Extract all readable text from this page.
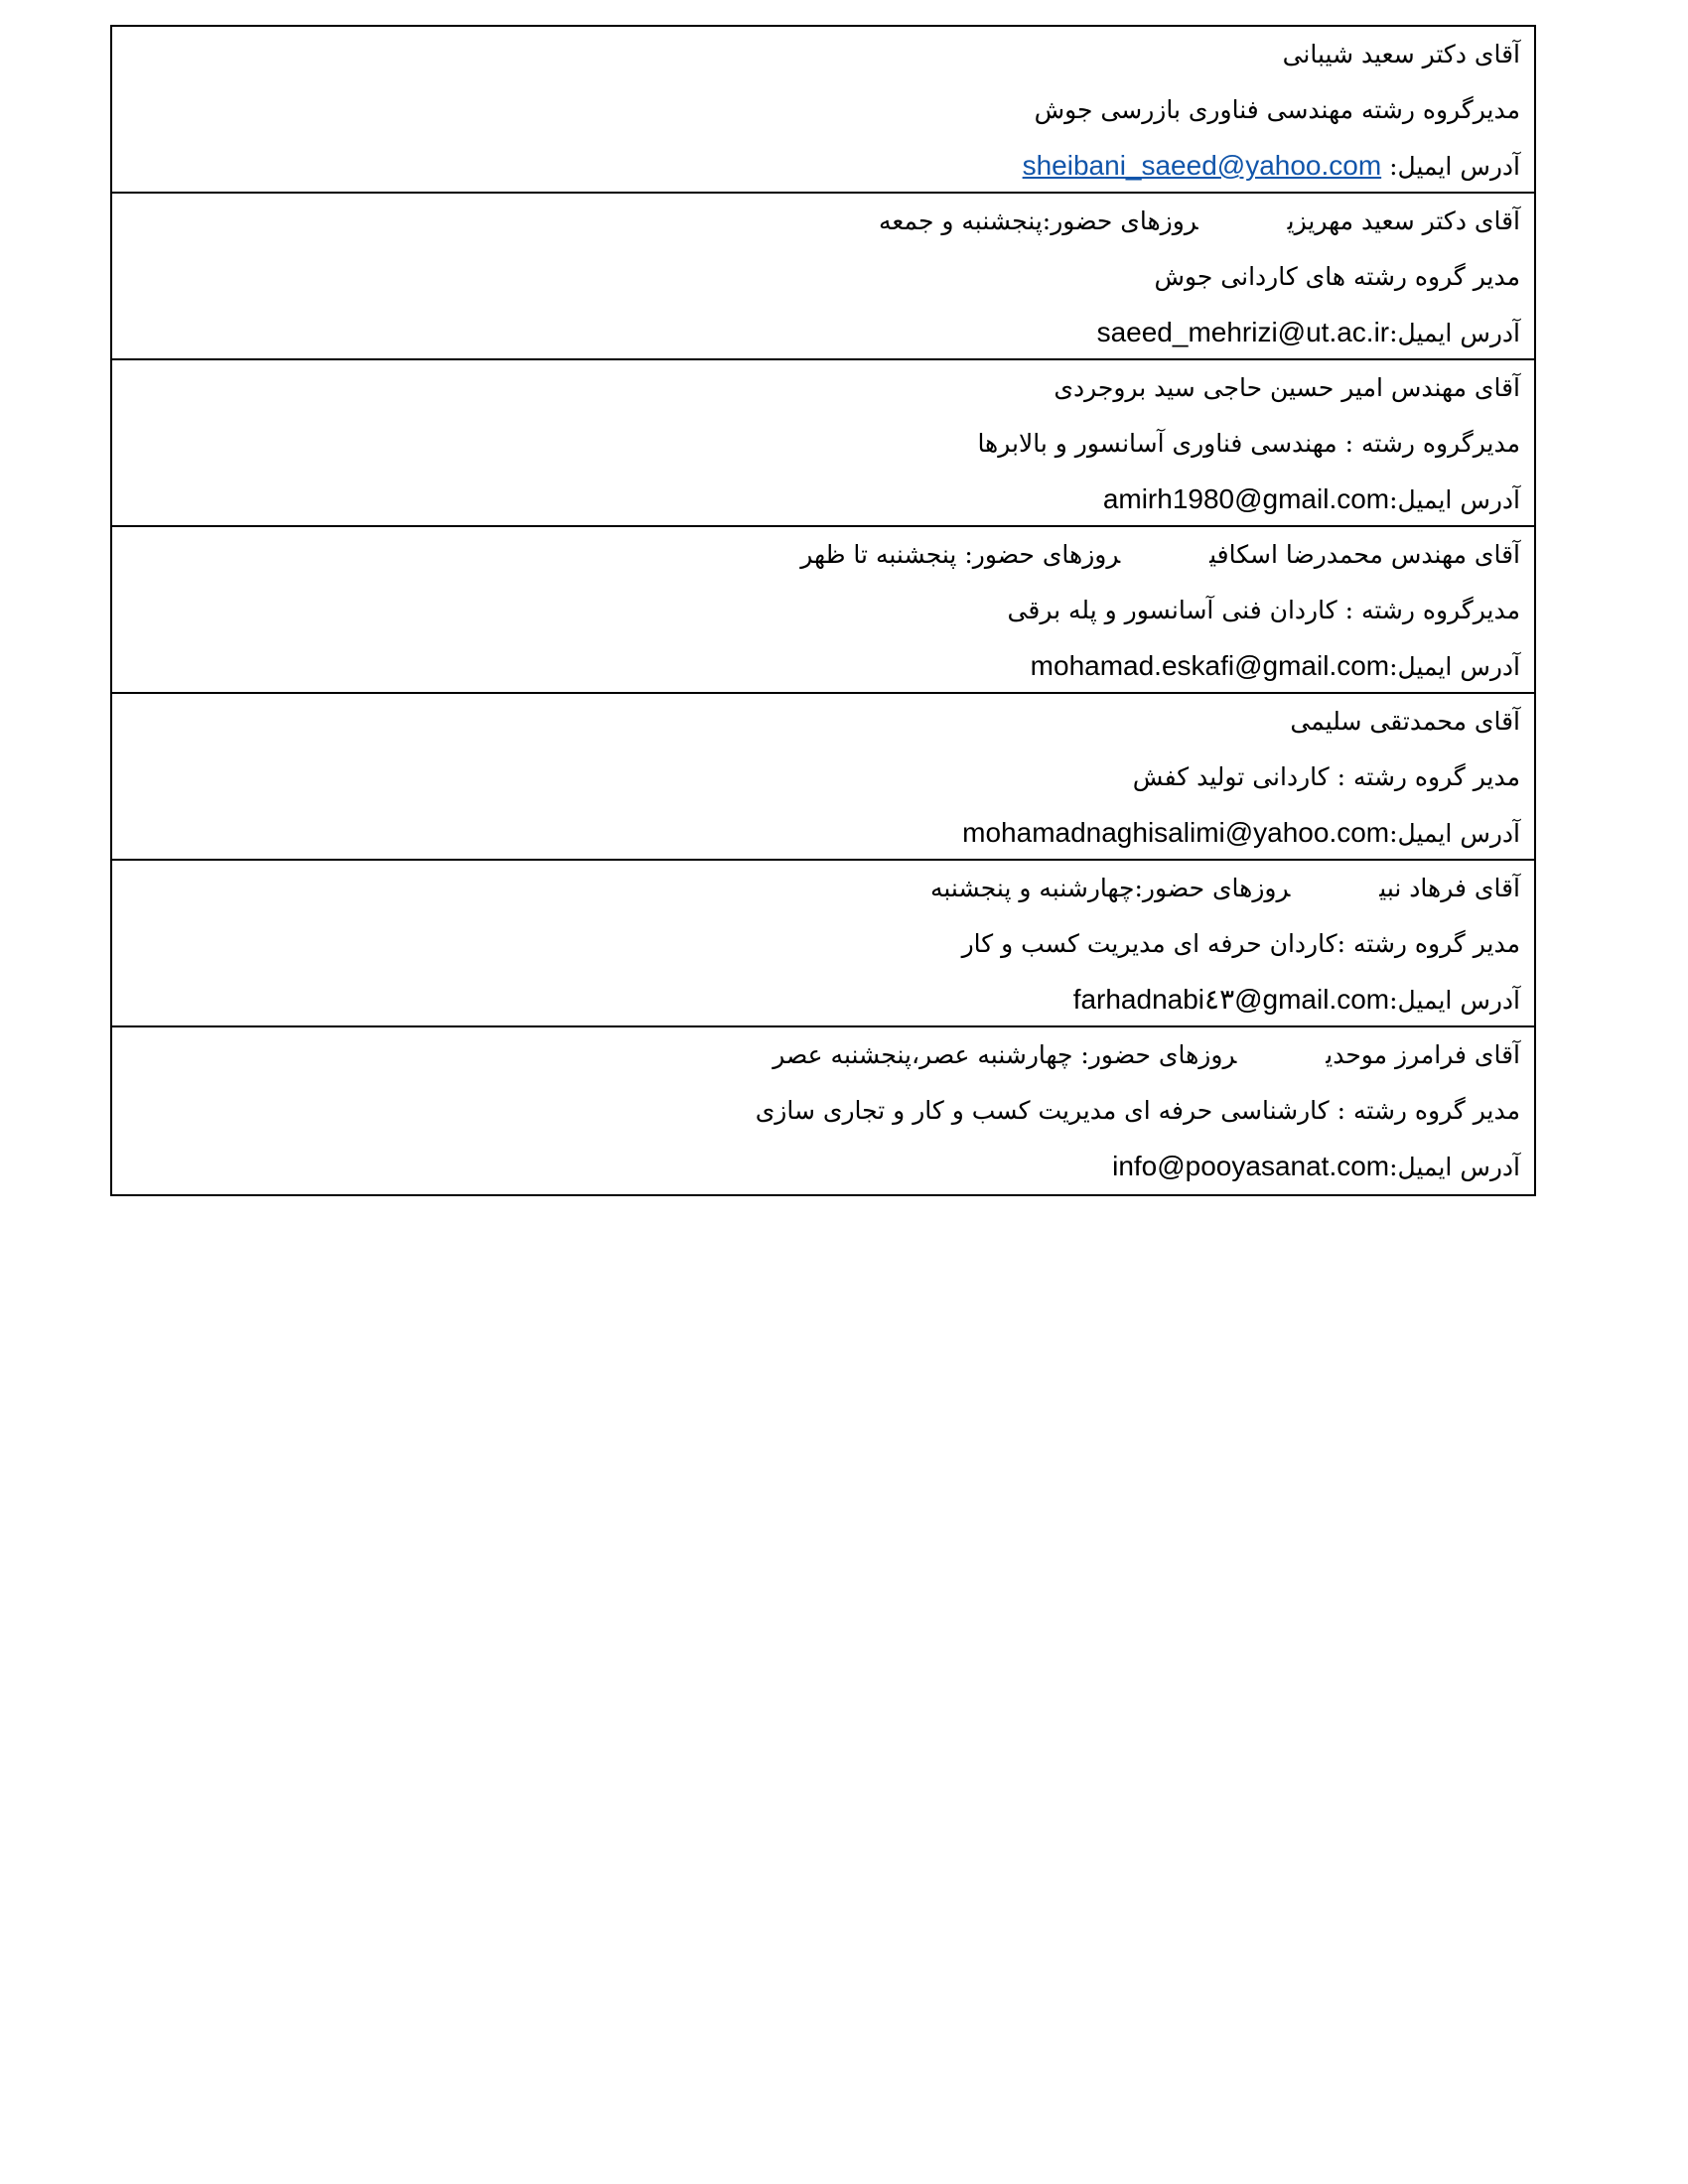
آقای دکتر سعید شیبانی
مدیرگروه رشته مهندسی فناوری بازرسی جوش
آدرس ایمیل: sheibani_saeed@yahoo.com
آقای دکتر سعید مهریزیروزهای حضور:پنجشنبه و جمعه
مدیر گروه رشته های کاردانی جوش
آدرس ایمیل:saeed_mehrizi@ut.ac.ir
آقای مهندس امیر حسین حاجی سید بروجردی
مدیرگروه رشته : مهندسی فناوری آسانسور و بالابرها
آدرس ایمیل:amirh1980@gmail.com
آقای مهندس محمدرضا اسکافیروزهای حضور: پنجشنبه تا ظهر
مدیرگروه رشته : کاردان فنی آسانسور و پله برقی
آدرس ایمیل:mohamad.eskafi@gmail.com
آقای محمدتقی سلیمی
مدیر گروه رشته : کاردانی تولید کفش
آدرس ایمیل:mohamadnaghisalimi@yahoo.com
آقای فرهاد نبیروزهای حضور:چهارشنبه و پنجشنبه
مدیر گروه رشته :کاردان حرفه ای مدیریت کسب و کار
آدرس ایمیل:farhadnabi٤٣@gmail.com
آقای فرامرز موحدیروزهای حضور: چهارشنبه عصر،پنجشنبه عصر
مدیر گروه رشته : کارشناسی حرفه ای مدیریت کسب و کار و تجاری سازی
آدرس ایمیل:info@pooyasanat.com
